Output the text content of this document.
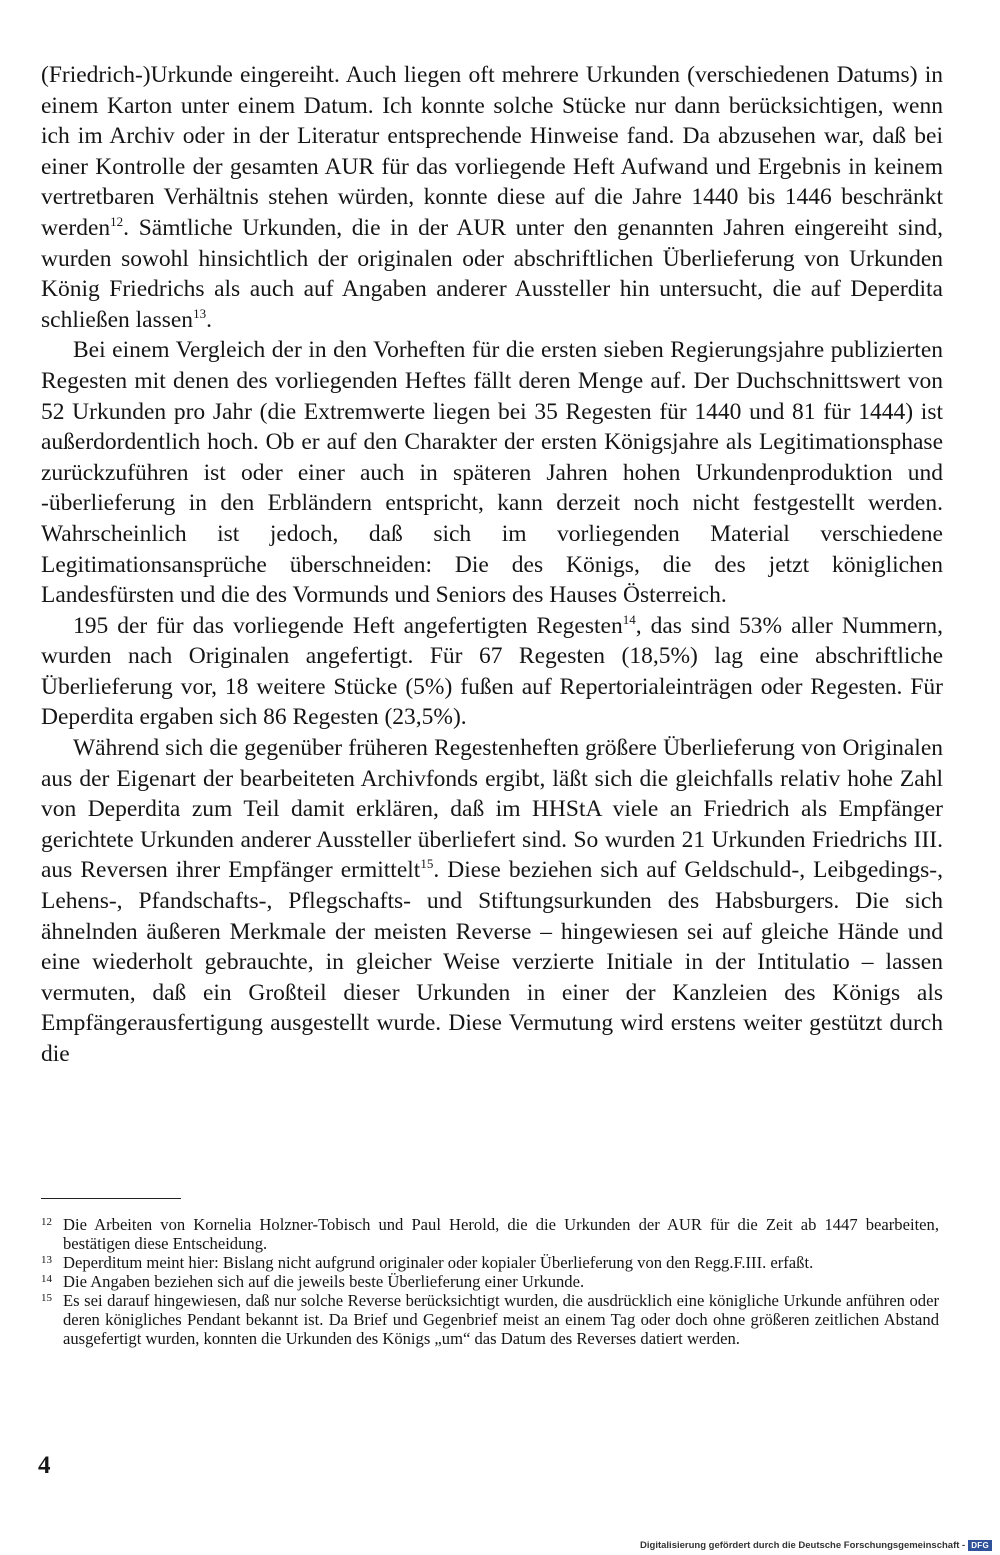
(Friedrich-)Urkunde eingereiht. Auch liegen oft mehrere Urkunden (verschiedenen Datums) in einem Karton unter einem Datum. Ich konnte solche Stücke nur dann berücksichtigen, wenn ich im Archiv oder in der Literatur entsprechende Hinweise fand. Da abzusehen war, daß bei einer Kontrolle der gesamten AUR für das vorliegende Heft Aufwand und Ergebnis in keinem vertretbaren Verhältnis stehen würden, konnte diese auf die Jahre 1440 bis 1446 beschränkt werden$^{12}$. Sämtliche Urkunden, die in der AUR unter den genannten Jahren eingereiht sind, wurden sowohl hinsichtlich der originalen oder abschriftlichen Überlieferung von Urkunden König Friedrichs als auch auf Angaben anderer Aussteller hin untersucht, die auf Deperdita schließen lassen$^{13}$.

Bei einem Vergleich der in den Vorheften für die ersten sieben Regierungsjahre publizierten Regesten mit denen des vorliegenden Heftes fällt deren Menge auf. Der Duchschnittswert von 52 Urkunden pro Jahr (die Extremwerte liegen bei 35 Regesten für 1440 und 81 für 1444) ist außerdordentlich hoch. Ob er auf den Charakter der ersten Königsjahre als Legitimationsphase zurückzuführen ist oder einer auch in späteren Jahren hohen Urkundenproduktion und -überlieferung in den Erbländern entspricht, kann derzeit noch nicht festgestellt werden. Wahrscheinlich ist jedoch, daß sich im vorliegenden Material verschiedene Legitimationsansprüche überschneiden: Die des Königs, die des jetzt königlichen Landesfürsten und die des Vormunds und Seniors des Hauses Österreich.

195 der für das vorliegende Heft angefertigten Regesten$^{14}$, das sind 53% aller Nummern, wurden nach Originalen angefertigt. Für 67 Regesten (18,5%) lag eine abschriftliche Überlieferung vor, 18 weitere Stücke (5%) fußen auf Repertorialeinträgen oder Regesten. Für Deperdita ergaben sich 86 Regesten (23,5%).

Während sich die gegenüber früheren Regestenheften größere Überlieferung von Originalen aus der Eigenart der bearbeiteten Archivfonds ergibt, läßt sich die gleichfalls relativ hohe Zahl von Deperdita zum Teil damit erklären, daß im HHStA viele an Friedrich als Empfänger gerichtete Urkunden anderer Aussteller überliefert sind. So wurden 21 Urkunden Friedrichs III. aus Reversen ihrer Empfänger ermittelt$^{15}$. Diese beziehen sich auf Geldschuld-, Leibgedings-, Lehens-, Pfandschafts-, Pflegschafts- und Stiftungsurkunden des Habsburgers. Die sich ähnelnden äußeren Merkmale der meisten Reverse – hingewiesen sei auf gleiche Hände und eine wiederholt gebrauchte, in gleicher Weise verzierte Initiale in der Intitulatio – lassen vermuten, daß ein Großteil dieser Urkunden in einer der Kanzleien des Königs als Empfängerausfertigung ausgestellt wurde. Diese Vermutung wird erstens weiter gestützt durch die

12 Die Arbeiten von Kornelia Holzner-Tobisch und Paul Herold, die die Urkunden der AUR für die Zeit ab 1447 bearbeiten, bestätigen diese Entscheidung.
13 Deperditum meint hier: Bislang nicht aufgrund originaler oder kopialer Überlieferung von den Regg.F.III. erfaßt.
14 Die Angaben beziehen sich auf die jeweils beste Überlieferung einer Urkunde.
15 Es sei darauf hingewiesen, daß nur solche Reverse berücksichtigt wurden, die ausdrücklich eine königliche Urkunde anführen oder deren königliches Pendant bekannt ist. Da Brief und Gegenbrief meist an einem Tag oder doch ohne größeren zeitlichen Abstand ausgefertigt wurden, konnten die Urkunden des Königs „um“ das Datum des Reverses datiert werden.

4

Digitalisierung gefördert durch die Deutsche Forschungsgemeinschaft - DFG
